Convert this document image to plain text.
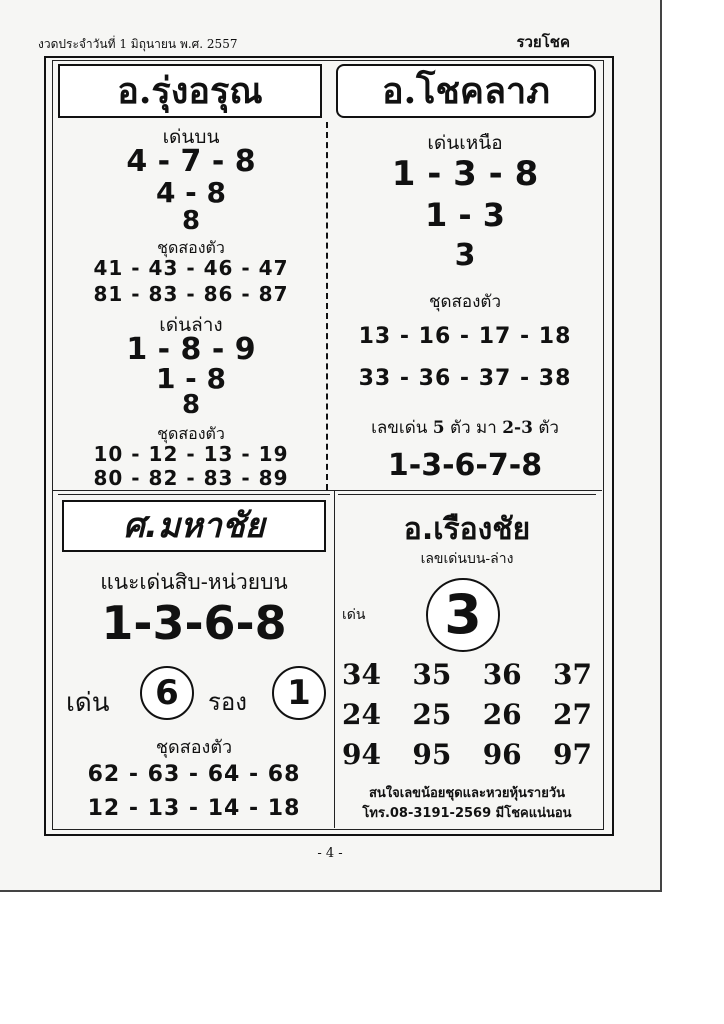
งวดประจำวันที่ 1 มิถุนายน พ.ศ. 2557	รวยโชค
อ.รุ่งอรุณ
เด่นบน
4 - 7 - 8
4 - 8
8
ชุดสองตัว
41 - 43 - 46 - 47
81 - 83 - 86 - 87
เด่นล่าง
1 - 8 - 9
1 - 8
8
ชุดสองตัว
10 - 12 - 13 - 19
80 - 82 - 83 - 89
อ.โชคลาภ
เด่นเหนือ
1 - 3 - 8
1 - 3
3
ชุดสองตัว
13 - 16 - 17 - 18
33 - 36 - 37 - 38
เลขเด่น 5 ตัว มา 2-3 ตัว
1-3-6-7-8
ศ.มหาชัย
แนะเด่นสิบ-หน่วยบน
1-3-6-8
เด่น	6	รอง	1
ชุดสองตัว
62 - 63 - 64 - 68
12 - 13 - 14 - 18
อ.เรืองชัย
เลขเด่นบน-ล่าง
เด่น	3
34 35 36 37
24 25 26 27
94 95 96 97
สนใจเลขน้อยชุดและหวยหุ้นรายวัน
โทร.08-3191-2569 มีโชคแน่นอน
- 4 -
